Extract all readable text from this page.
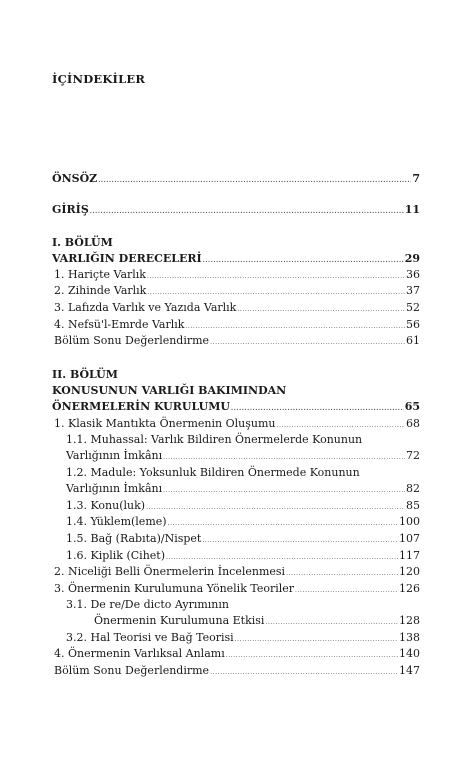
İÇİNDEKİLER
ÖNSÖZ .....	7
GİRİŞ .....	11
I. BÖLÜM
VARLIĞIN DERECELERİ .....	29
1. Hariçte Varlık .....	36
2. Zihinde Varlık .....	37
3. Lafızda Varlık ve Yazıda Varlık .....	52
4. Nefsü'l-Emrde Varlık .....	56
Bölüm Sonu Değerlendirme .....	61
II. BÖLÜM
KONUSUNUN VARLIĞI BAKIMINDAN
ÖNERMELERİN KURULUMU .....	65
1. Klasik Mantıkta Önermenin Oluşumu .....	68
1.1. Muhassal: Varlık Bildiren Önermelerde Konunun
Varlığının İmkânı .....	72
1.2. Madule: Yoksunluk Bildiren Önermede Konunun
Varlığının İmkânı .....	82
1.3. Konu(luk) .....	85
1.4. Yüklem(leme) .....	100
1.5. Bağ (Rabıta)/Nispet .....	107
1.6. Kiplik (Cihet) .....	117
2. Niceliği Belli Önermelerin İncelenmesi .....	120
3. Önermenin Kurulumuna Yönelik Teoriler .....	126
3.1. De re/De dicto Ayrımının
Önermenin Kurulumuna Etkisi .....	128
3.2. Hal Teorisi ve Bağ Teorisi .....	138
4. Önermenin Varlıksal Anlamı .....	140
Bölüm Sonu Değerlendirme .....	147
